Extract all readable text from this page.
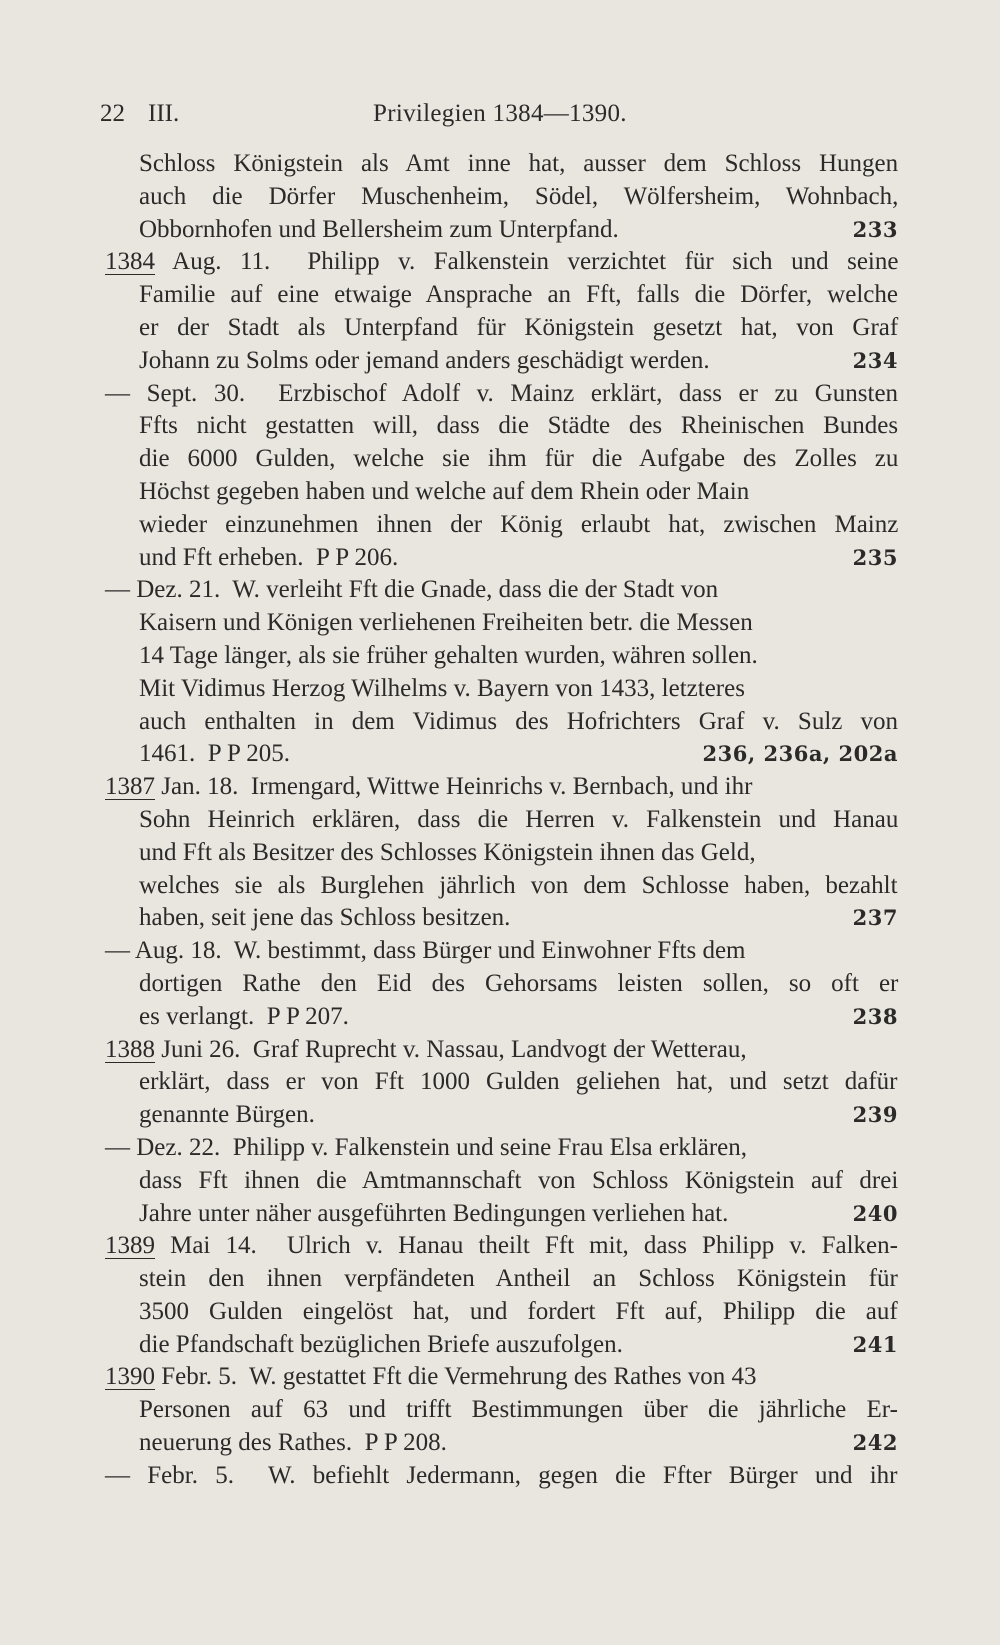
22 III.	Privilegien 1384—1390.
Schloss Königstein als Amt inne hat, ausser dem Schloss Hungen
auch die Dörfer Muschenheim, Södel, Wölfersheim, Wohnbach,
Obbornhofen und Bellersheim zum Unterpfand.	233
1384 Aug. 11.  Philipp v. Falkenstein verzichtet für sich und seine
Familie auf eine etwaige Ansprache an Fft, falls die Dörfer, welche
er der Stadt als Unterpfand für Königstein gesetzt hat, von Graf
Johann zu Solms oder jemand anders geschädigt werden.	234
— Sept. 30.  Erzbischof Adolf v. Mainz erklärt, dass er zu Gunsten
Ffts nicht gestatten will, dass die Städte des Rheinischen Bundes
die 6000 Gulden, welche sie ihm für die Aufgabe des Zolles zu
Höchst gegeben haben und welche auf dem Rhein oder Main
wieder einzunehmen ihnen der König erlaubt hat, zwischen Mainz
und Fft erheben.  P P 206.	235
— Dez. 21.  W. verleiht Fft die Gnade, dass die der Stadt von
Kaisern und Königen verliehenen Freiheiten betr. die Messen
14 Tage länger, als sie früher gehalten wurden, währen sollen.
Mit Vidimus Herzog Wilhelms v. Bayern von 1433, letzteres
auch enthalten in dem Vidimus des Hofrichters Graf v. Sulz von
1461.  P P 205.	236, 236a, 202a
1387 Jan. 18.  Irmengard, Wittwe Heinrichs v. Bernbach, und ihr
Sohn Heinrich erklären, dass die Herren v. Falkenstein und Hanau
und Fft als Besitzer des Schlosses Königstein ihnen das Geld,
welches sie als Burglehen jährlich von dem Schlosse haben, bezahlt
haben, seit jene das Schloss besitzen.	237
— Aug. 18.  W. bestimmt, dass Bürger und Einwohner Ffts dem
dortigen Rathe den Eid des Gehorsams leisten sollen, so oft er
es verlangt.  P P 207.	238
1388 Juni 26.  Graf Ruprecht v. Nassau, Landvogt der Wetterau,
erklärt, dass er von Fft 1000 Gulden geliehen hat, und setzt dafür
genannte Bürgen.	239
— Dez. 22.  Philipp v. Falkenstein und seine Frau Elsa erklären,
dass Fft ihnen die Amtmannschaft von Schloss Königstein auf drei
Jahre unter näher ausgeführten Bedingungen verliehen hat.	240
1389 Mai 14.  Ulrich v. Hanau theilt Fft mit, dass Philipp v. Falken-
stein den ihnen verpfändeten Antheil an Schloss Königstein für
3500 Gulden eingelöst hat, und fordert Fft auf, Philipp die auf
die Pfandschaft bezüglichen Briefe auszufolgen.	241
1390 Febr. 5.  W. gestattet Fft die Vermehrung des Rathes von 43
Personen auf 63 und trifft Bestimmungen über die jährliche Er-
neuerung des Rathes.  P P 208.	242
— Febr. 5.  W. befiehlt Jedermann, gegen die Ffter Bürger und ihr
